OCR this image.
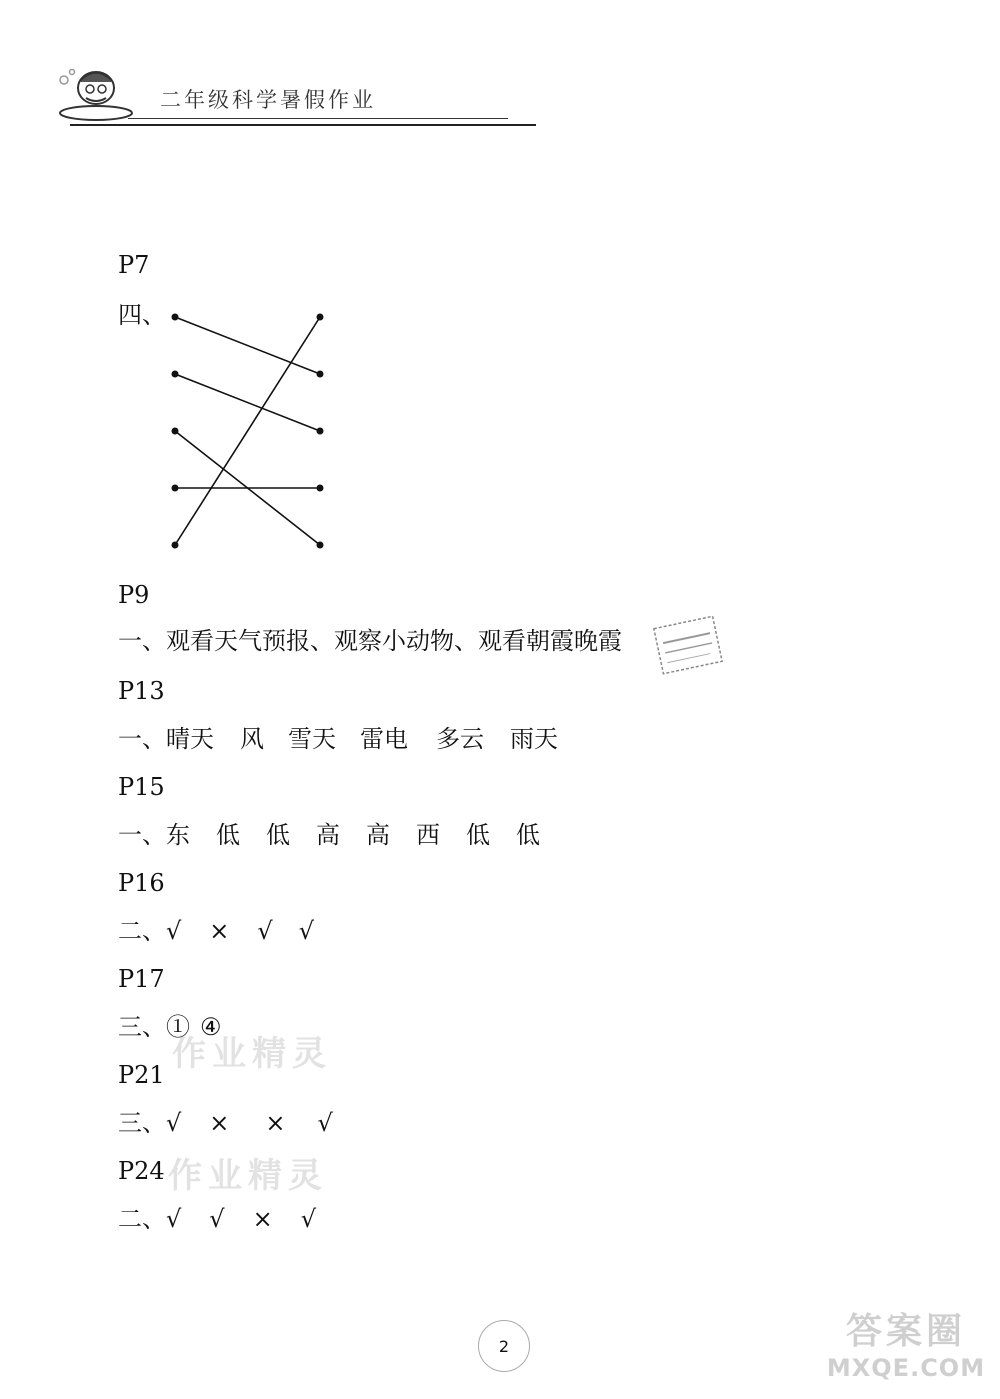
二年级科学暑假作业
P7
四、
P9
一、观看天气预报、观察小动物、观看朝霞晚霞
P13
一、晴天 风 雪天 雷电 多云 雨天
P15
一、东 低 低 高 高 西 低 低
P16
二、√ × √ √
P17
作业精灵
三、① ④
P21
三、√ × × √
作业精灵
P24
二、√ √ × √
2	答案圈
MXQE.COM
